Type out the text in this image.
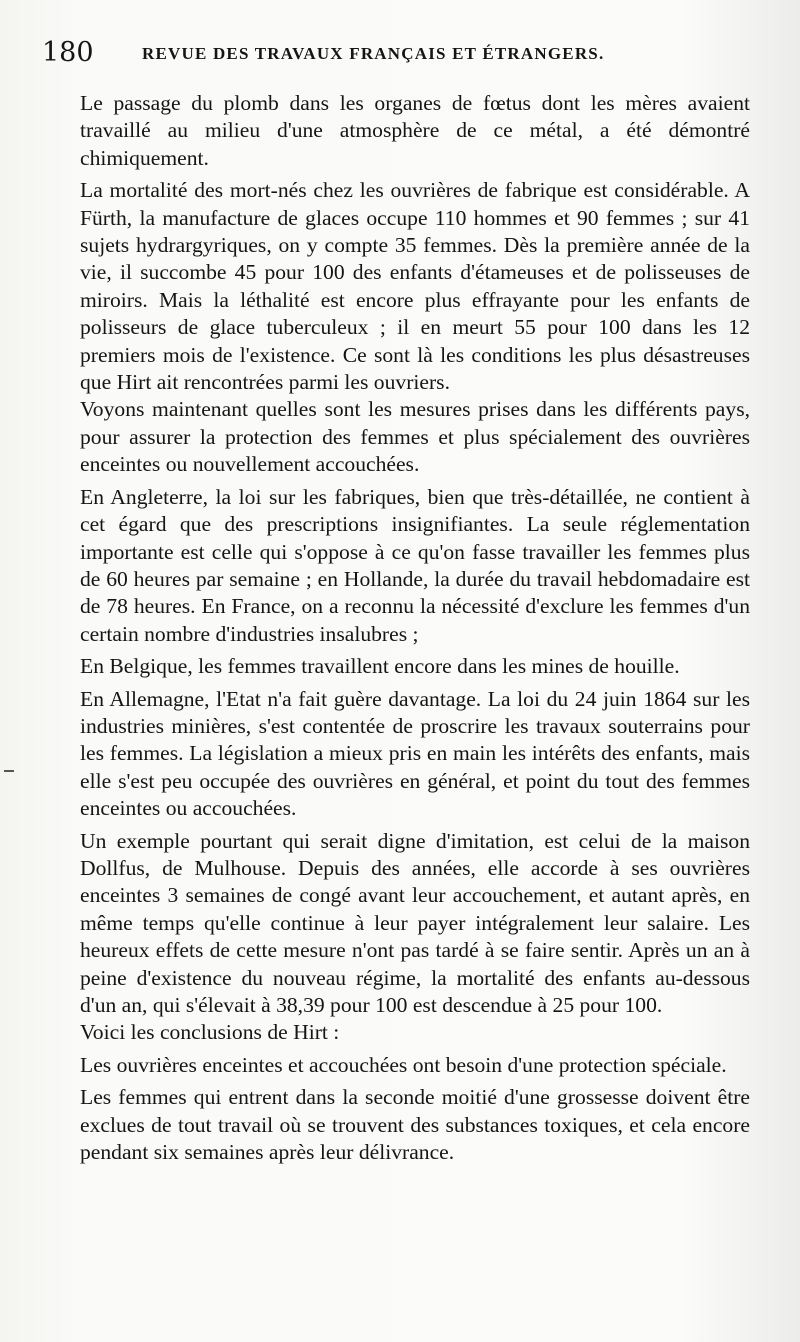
180	REVUE DES TRAVAUX FRANÇAIS ET ÉTRANGERS.

Le passage du plomb dans les organes de fœtus dont les mères avaient travaillé au milieu d'une atmosphère de ce métal, a été démontré chimiquement.

La mortalité des mort-nés chez les ouvrières de fabrique est considérable. A Fürth, la manufacture de glaces occupe 110 hommes et 90 femmes ; sur 41 sujets hydrargyriques, on y compte 35 femmes. Dès la première année de la vie, il succombe 45 pour 100 des enfants d'étameuses et de polisseuses de miroirs. Mais la léthalité est encore plus effrayante pour les enfants de polisseurs de glace tuberculeux ; il en meurt 55 pour 100 dans les 12 premiers mois de l'existence. Ce sont là les conditions les plus désastreuses que Hirt ait rencontrées parmi les ouvriers.

Voyons maintenant quelles sont les mesures prises dans les différents pays, pour assurer la protection des femmes et plus spécialement des ouvrières enceintes ou nouvellement accouchées.

En Angleterre, la loi sur les fabriques, bien que très-détaillée, ne contient à cet égard que des prescriptions insignifiantes. La seule réglementation importante est celle qui s'oppose à ce qu'on fasse travailler les femmes plus de 60 heures par semaine ; en Hollande, la durée du travail hebdomadaire est de 78 heures. En France, on a reconnu la nécessité d'exclure les femmes d'un certain nombre d'industries insalubres ;

En Belgique, les femmes travaillent encore dans les mines de houille.

En Allemagne, l'Etat n'a fait guère davantage. La loi du 24 juin 1864 sur les industries minières, s'est contentée de proscrire les travaux souterrains pour les femmes. La législation a mieux pris en main les intérêts des enfants, mais elle s'est peu occupée des ouvrières en général, et point du tout des femmes enceintes ou accouchées.

Un exemple pourtant qui serait digne d'imitation, est celui de la maison Dollfus, de Mulhouse. Depuis des années, elle accorde à ses ouvrières enceintes 3 semaines de congé avant leur accouchement, et autant après, en même temps qu'elle continue à leur payer intégralement leur salaire. Les heureux effets de cette mesure n'ont pas tardé à se faire sentir. Après un an à peine d'existence du nouveau régime, la mortalité des enfants au-dessous d'un an, qui s'élevait à 38,39 pour 100 est descendue à 25 pour 100.

Voici les conclusions de Hirt :

Les ouvrières enceintes et accouchées ont besoin d'une protection spéciale.

Les femmes qui entrent dans la seconde moitié d'une grossesse doivent être exclues de tout travail où se trouvent des substances toxiques, et cela encore pendant six semaines après leur délivrance.
